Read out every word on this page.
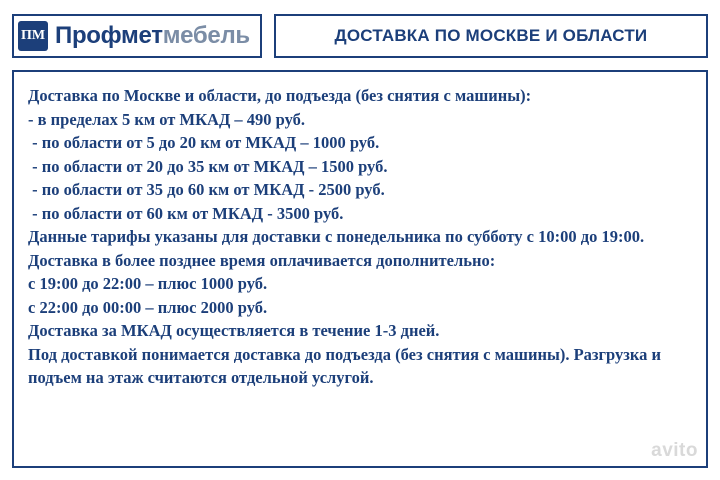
ПМ Профмет мебель	ДОСТАВКА ПО МОСКВЕ И ОБЛАСТИ
Доставка по Москве и области, до подъезда (без снятия с машины):
- в пределах 5 км от МКАД – 490 руб.
- по области от 5 до 20 км от МКАД – 1000 руб.
- по области от 20 до 35 км от МКАД – 1500 руб.
- по области от 35 до 60 км от МКАД - 2500 руб.
- по области от 60 км от МКАД - 3500 руб.
Данные тарифы указаны для доставки с понедельника по субботу с 10:00 до 19:00.
Доставка в более позднее время оплачивается дополнительно:
с 19:00 до 22:00 – плюс 1000 руб.
с 22:00 до 00:00 – плюс 2000 руб.
Доставка за МКАД осуществляется в течение 1-3 дней.
Под доставкой понимается доставка до подъезда (без снятия с машины). Разгрузка и подъем на этаж считаются отдельной услугой.
avito
